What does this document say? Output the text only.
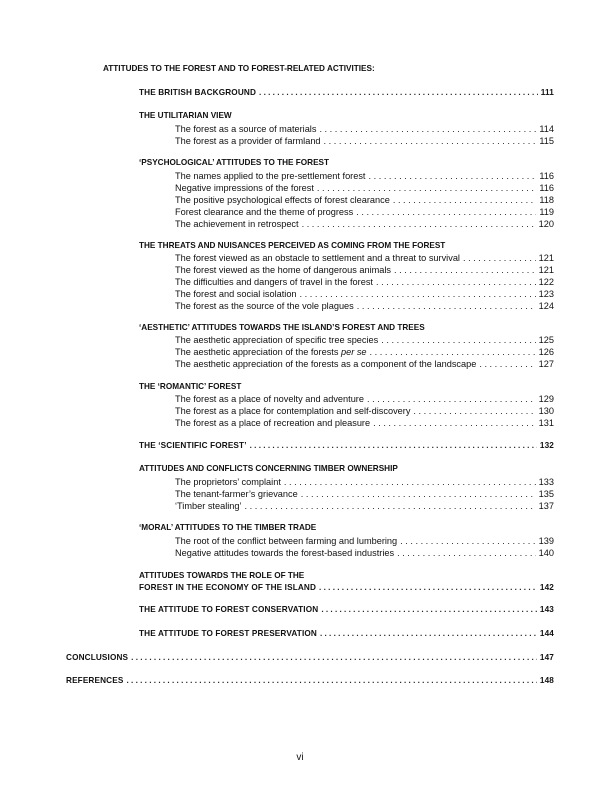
ATTITUDES TO THE FOREST AND TO FOREST-RELATED ACTIVITIES:
THE BRITISH BACKGROUND . . .	111
THE UTILITARIAN VIEW
The forest as a source of materials . . .	114
The forest as a provider of farmland . . .	115
‘PSYCHOLOGICAL’ ATTITUDES TO THE FOREST
The names applied to the pre-settlement forest . . .	116
Negative impressions of the forest . . .	116
The positive psychological effects of forest clearance . . .	118
Forest clearance and the theme of progress . . .	119
The achievement in retrospect . . .	120
THE THREATS AND NUISANCES PERCEIVED AS COMING FROM THE FOREST
The forest viewed as an obstacle to settlement and a threat to survival . . .	121
The forest viewed as the home of dangerous animals . . .	121
The difficulties and dangers of travel in the forest . . .	122
The forest and social isolation . . .	123
The forest as the source of the vole plagues . . .	124
‘AESTHETIC’ ATTITUDES TOWARDS THE ISLAND’S FOREST AND TREES
The aesthetic appreciation of specific tree species . . .	125
The aesthetic appreciation of the forests per se . . .	126
The aesthetic appreciation of the forests as a component of the landscape . . .	127
THE ‘ROMANTIC’ FOREST
The forest as a place of novelty and adventure . . .	129
The forest as a place for contemplation and self-discovery . . .	130
The forest as a place of recreation and pleasure . . .	131
THE ‘SCIENTIFIC FOREST’ . . .	132
ATTITUDES AND CONFLICTS CONCERNING TIMBER OWNERSHIP
The proprietors’ complaint . . .	133
The tenant-farmer’s grievance . . .	135
‘Timber stealing’ . . .	137
‘MORAL’ ATTITUDES TO THE TIMBER TRADE
The root of the conflict between farming and lumbering . . .	139
Negative attitudes towards the forest-based industries . . .	140
ATTITUDES TOWARDS THE ROLE OF THE
FOREST IN THE ECONOMY OF THE ISLAND . . .	142
THE ATTITUDE TO FOREST CONSERVATION . . .	143
THE ATTITUDE TO FOREST PRESERVATION . . .	144
CONCLUSIONS . . .	147
REFERENCES . . .	148
vi
